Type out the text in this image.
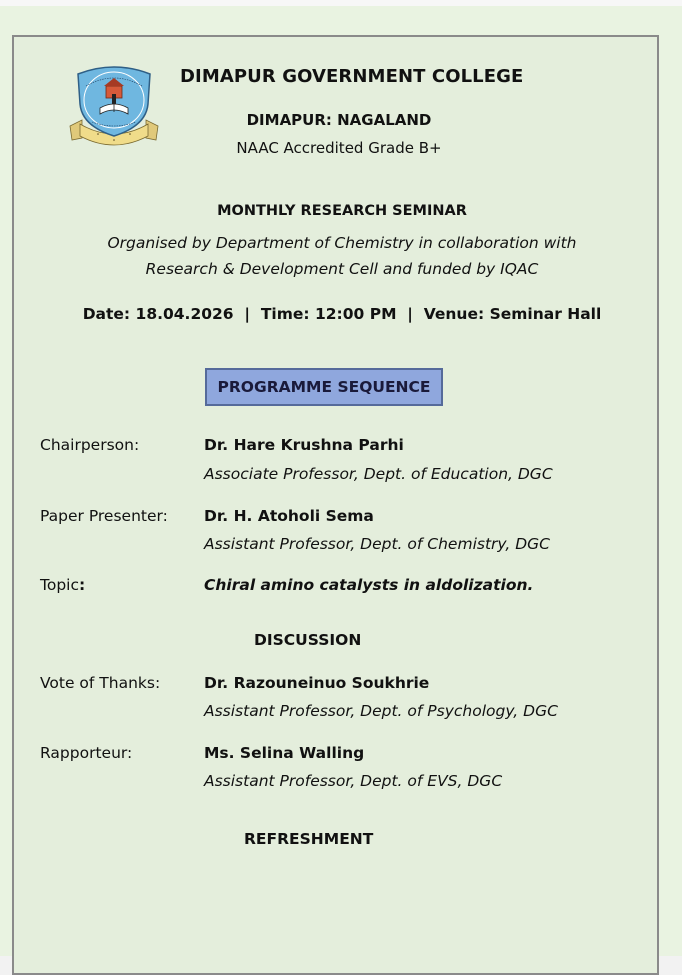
DIMAPUR GOVERNMENT COLLEGE
DIMAPUR: NAGALAND
NAAC Accredited Grade B+
MONTHLY RESEARCH SEMINAR
Organised by Department of Chemistry in collaboration with
Research & Development Cell and funded by IQAC
Date: 18.04.2026  |  Time: 12:00 PM  |  Venue: Seminar Hall
PROGRAMME SEQUENCE
Chairperson:	Dr. Hare Krushna Parhi
Associate Professor, Dept. of Education, DGC
Paper Presenter: Dr. H. Atoholi Sema
Assistant Professor, Dept. of Chemistry, DGC
Topic:	Chiral amino catalysts in aldolization.
DISCUSSION
Vote of Thanks:	Dr. Razouneinuo Soukhrie
Assistant Professor, Dept. of Psychology, DGC
Rapporteur:	Ms. Selina Walling
Assistant Professor, Dept. of EVS, DGC
REFRESHMENT
